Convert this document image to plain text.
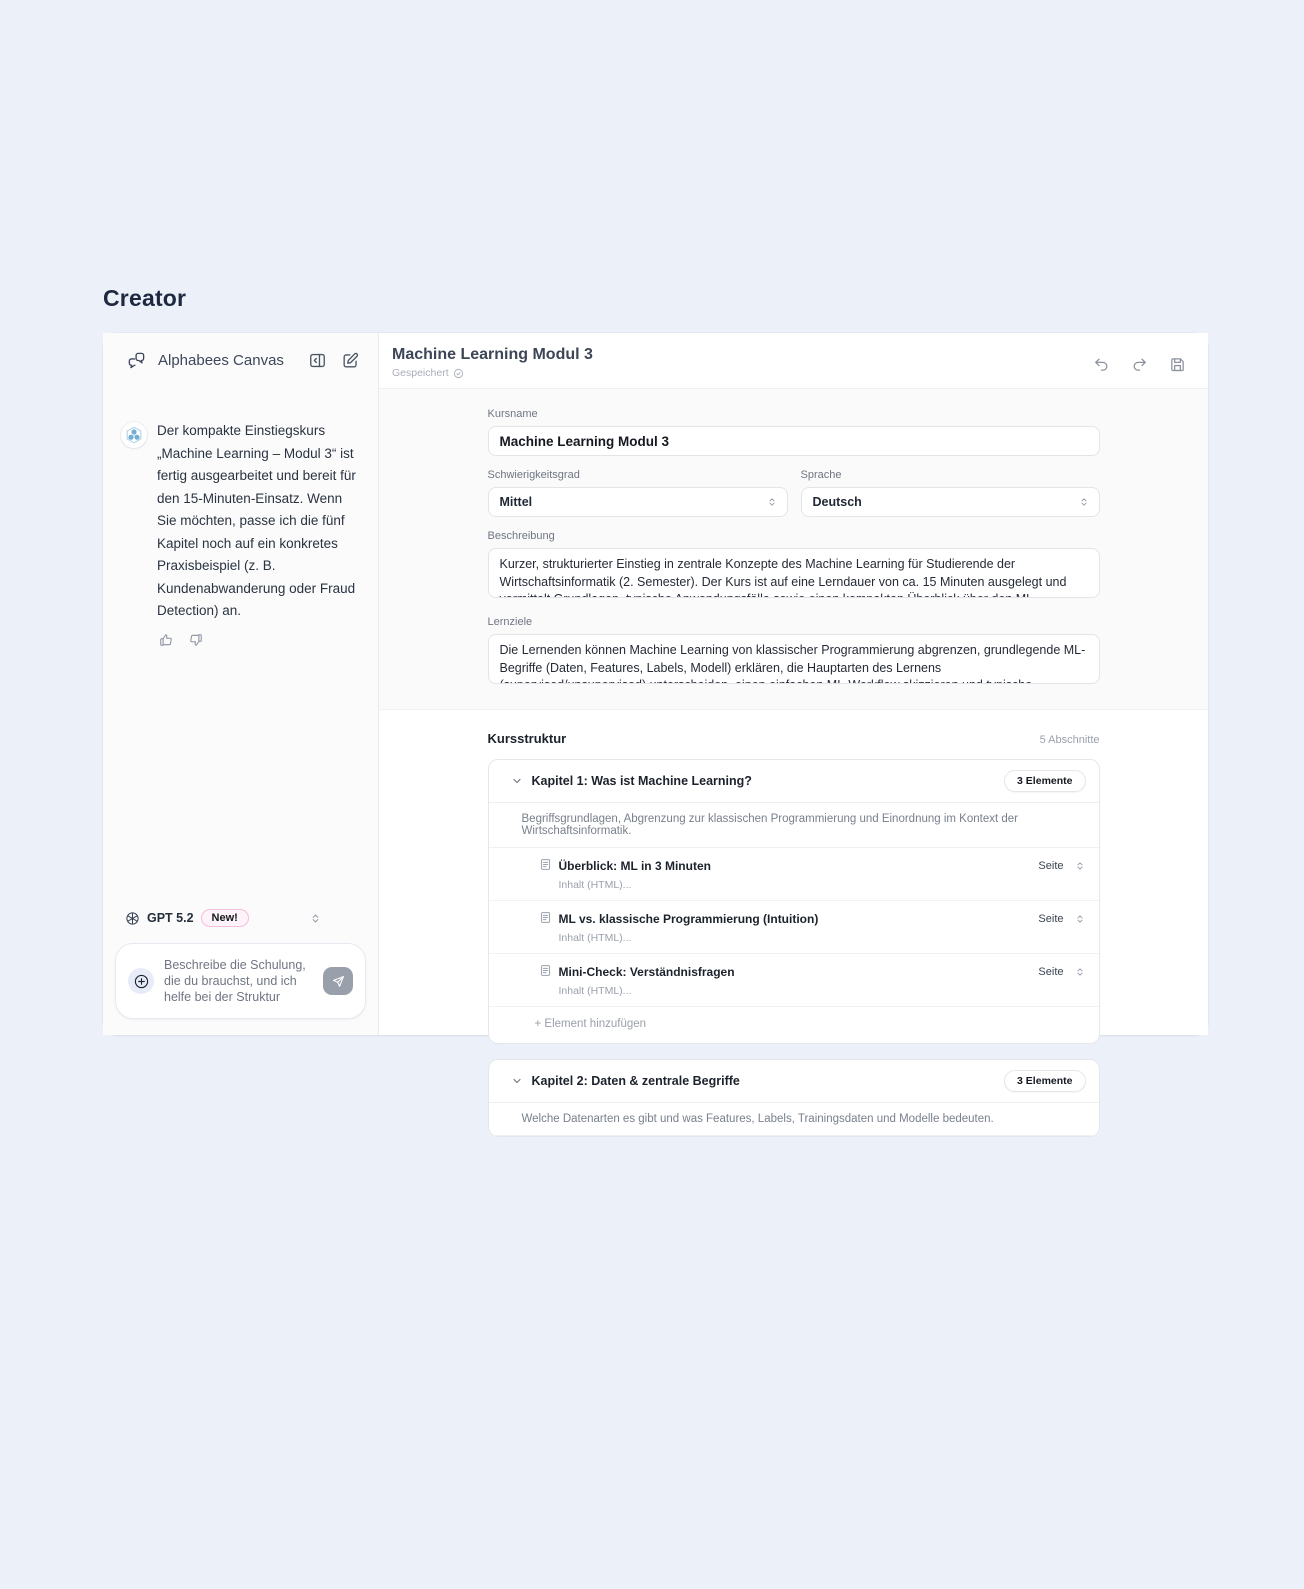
Creator
Alphabees Canvas

Der kompakte Einstiegskurs „Machine Learning – Modul 3“ ist fertig ausgearbeitet und bereit für den 15-Minuten-Einsatz. Wenn Sie möchten, passe ich die fünf Kapitel noch auf ein konkretes Praxisbeispiel (z. B. Kundenabwanderung oder Fraud Detection) an.

GPT 5.2	New!
Beschreibe die Schulung, die du brauchst, und ich helfe bei der Struktur
Machine Learning Modul 3
Gespeichert
Kursname
Machine Learning Modul 3
Schwierigkeitsgrad
Mittel
Sprache
Deutsch
Beschreibung
Kurzer, strukturierter Einstieg in zentrale Konzepte des Machine Learning für Studierende der Wirtschaftsinformatik (2. Semester). Der Kurs ist auf eine Lerndauer von ca. 15 Minuten ausgelegt und vermittelt Grundlagen, typische Anwendungsfälle sowie einen kompakten Überblick über den ML-Workflow.
Lernziele
Die Lernenden können Machine Learning von klassischer Programmierung abgrenzen, grundlegende ML-Begriffe (Daten, Features, Labels, Modell) erklären, die Hauptarten des Lernens (supervised/unsupervised) unterscheiden, einen einfachen ML-Workflow skizzieren und typische wirtschaftsinformatische Use Cases
Kursstruktur	5 Abschnitte
Kapitel 1: Was ist Machine Learning?	3 Elemente
Begriffsgrundlagen, Abgrenzung zur klassischen Programmierung und Einordnung im Kontext der Wirtschaftsinformatik.
Überblick: ML in 3 Minuten
Inhalt (HTML)...
Seite
ML vs. klassische Programmierung (Intuition)
Inhalt (HTML)...
Seite
Mini-Check: Verständnisfragen
Inhalt (HTML)...
Seite
+ Element hinzufügen
Kapitel 2: Daten & zentrale Begriffe	3 Elemente
Welche Datenarten es gibt und was Features, Labels, Trainingsdaten und Modelle bedeuten.
